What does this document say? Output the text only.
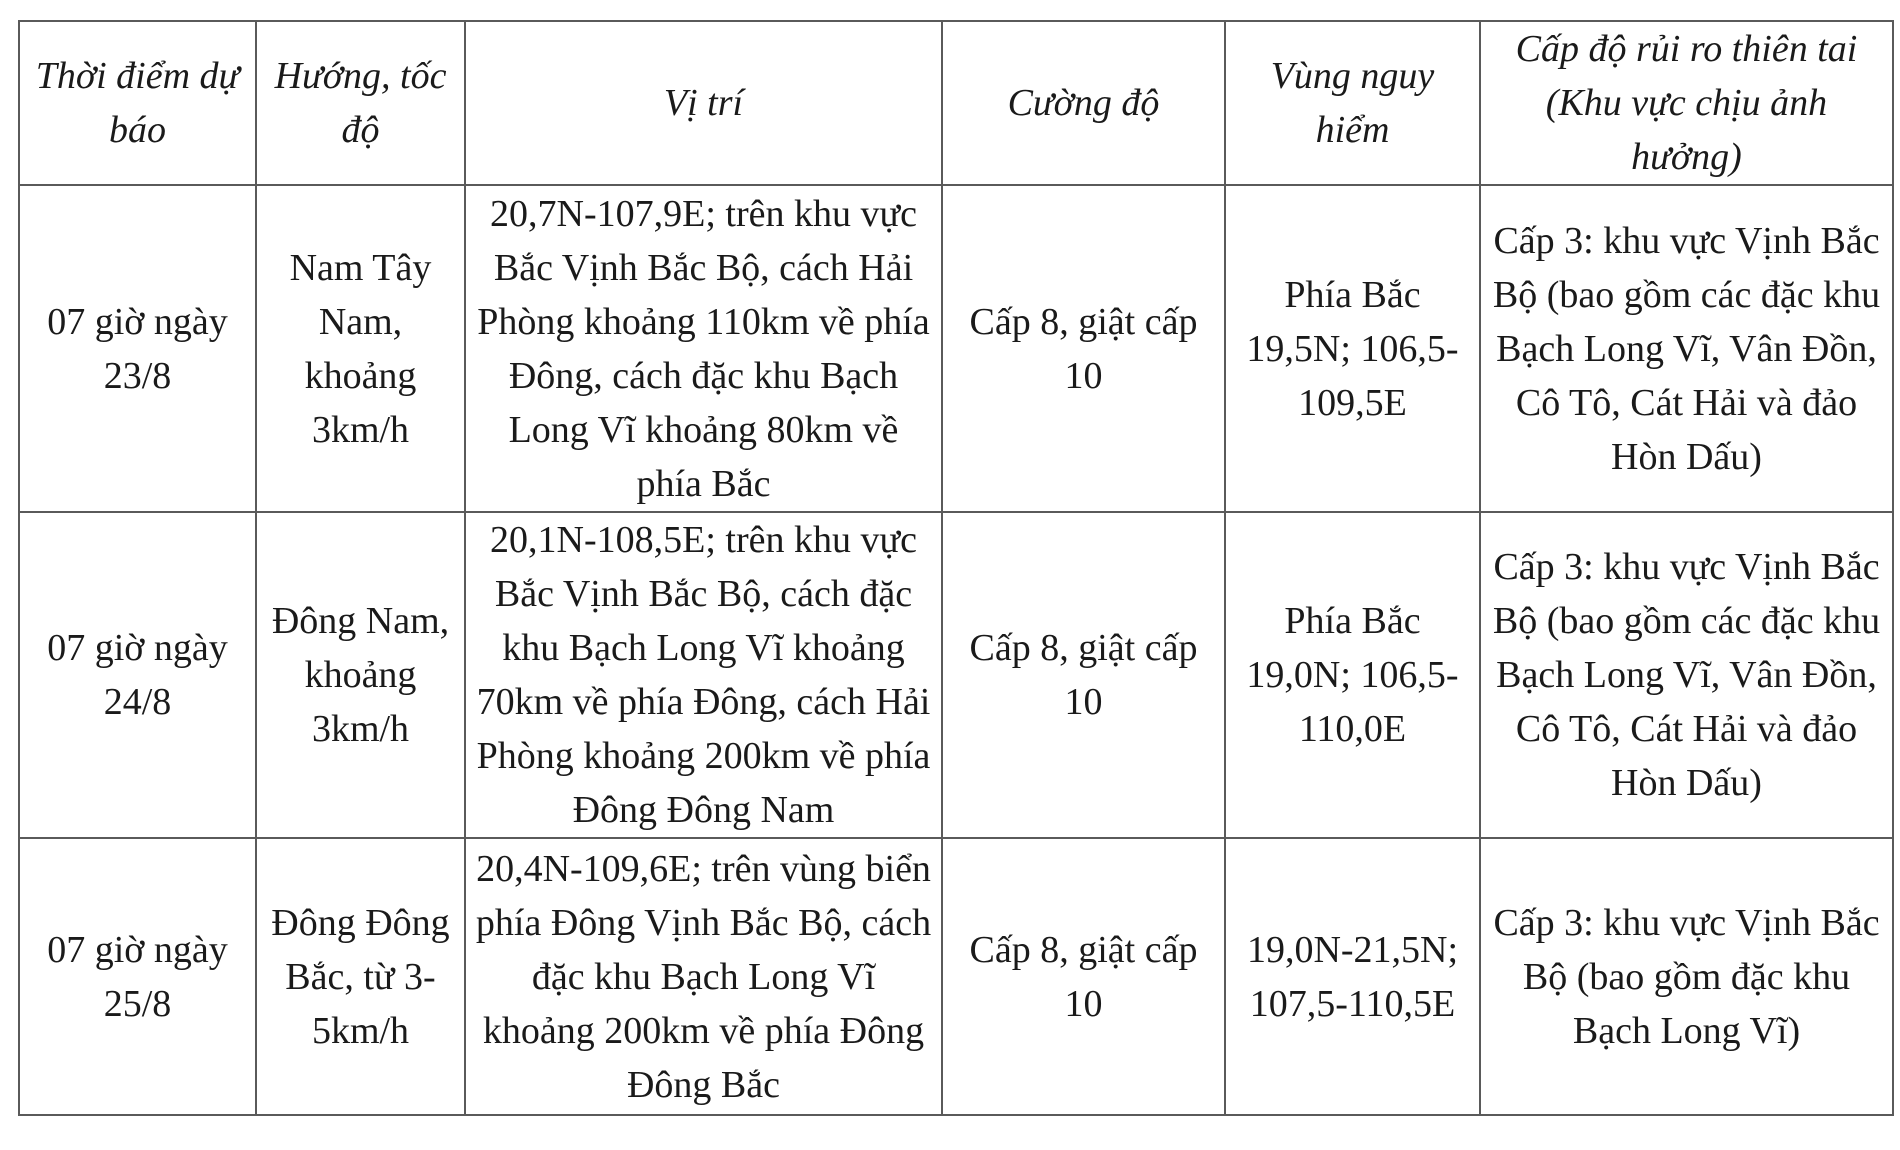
Thời điểm dự báo	Hướng, tốc độ	Vị trí	Cường độ	Vùng nguy hiểm	Cấp độ rủi ro thiên tai (Khu vực chịu ảnh hưởng)
07 giờ ngày 23/8	Nam Tây Nam, khoảng 3km/h	20,7N-107,9E; trên khu vực Bắc Vịnh Bắc Bộ, cách Hải Phòng khoảng 110km về phía Đông, cách đặc khu Bạch Long Vĩ khoảng 80km về phía Bắc	Cấp 8, giật cấp 10	Phía Bắc 19,5N; 106,5-109,5E	Cấp 3: khu vực Vịnh Bắc Bộ (bao gồm các đặc khu Bạch Long Vĩ, Vân Đồn, Cô Tô, Cát Hải và đảo Hòn Dấu)
07 giờ ngày 24/8	Đông Nam, khoảng 3km/h	20,1N-108,5E; trên khu vực Bắc Vịnh Bắc Bộ, cách đặc khu Bạch Long Vĩ khoảng 70km về phía Đông, cách Hải Phòng khoảng 200km về phía Đông Đông Nam	Cấp 8, giật cấp 10	Phía Bắc 19,0N; 106,5-110,0E	Cấp 3: khu vực Vịnh Bắc Bộ (bao gồm các đặc khu Bạch Long Vĩ, Vân Đồn, Cô Tô, Cát Hải và đảo Hòn Dấu)
07 giờ ngày 25/8	Đông Đông Bắc, từ 3-5km/h	20,4N-109,6E; trên vùng biển phía Đông Vịnh Bắc Bộ, cách đặc khu Bạch Long Vĩ khoảng 200km về phía Đông Đông Bắc	Cấp 8, giật cấp 10	19,0N-21,5N; 107,5-110,5E	Cấp 3: khu vực Vịnh Bắc Bộ (bao gồm đặc khu Bạch Long Vĩ)
